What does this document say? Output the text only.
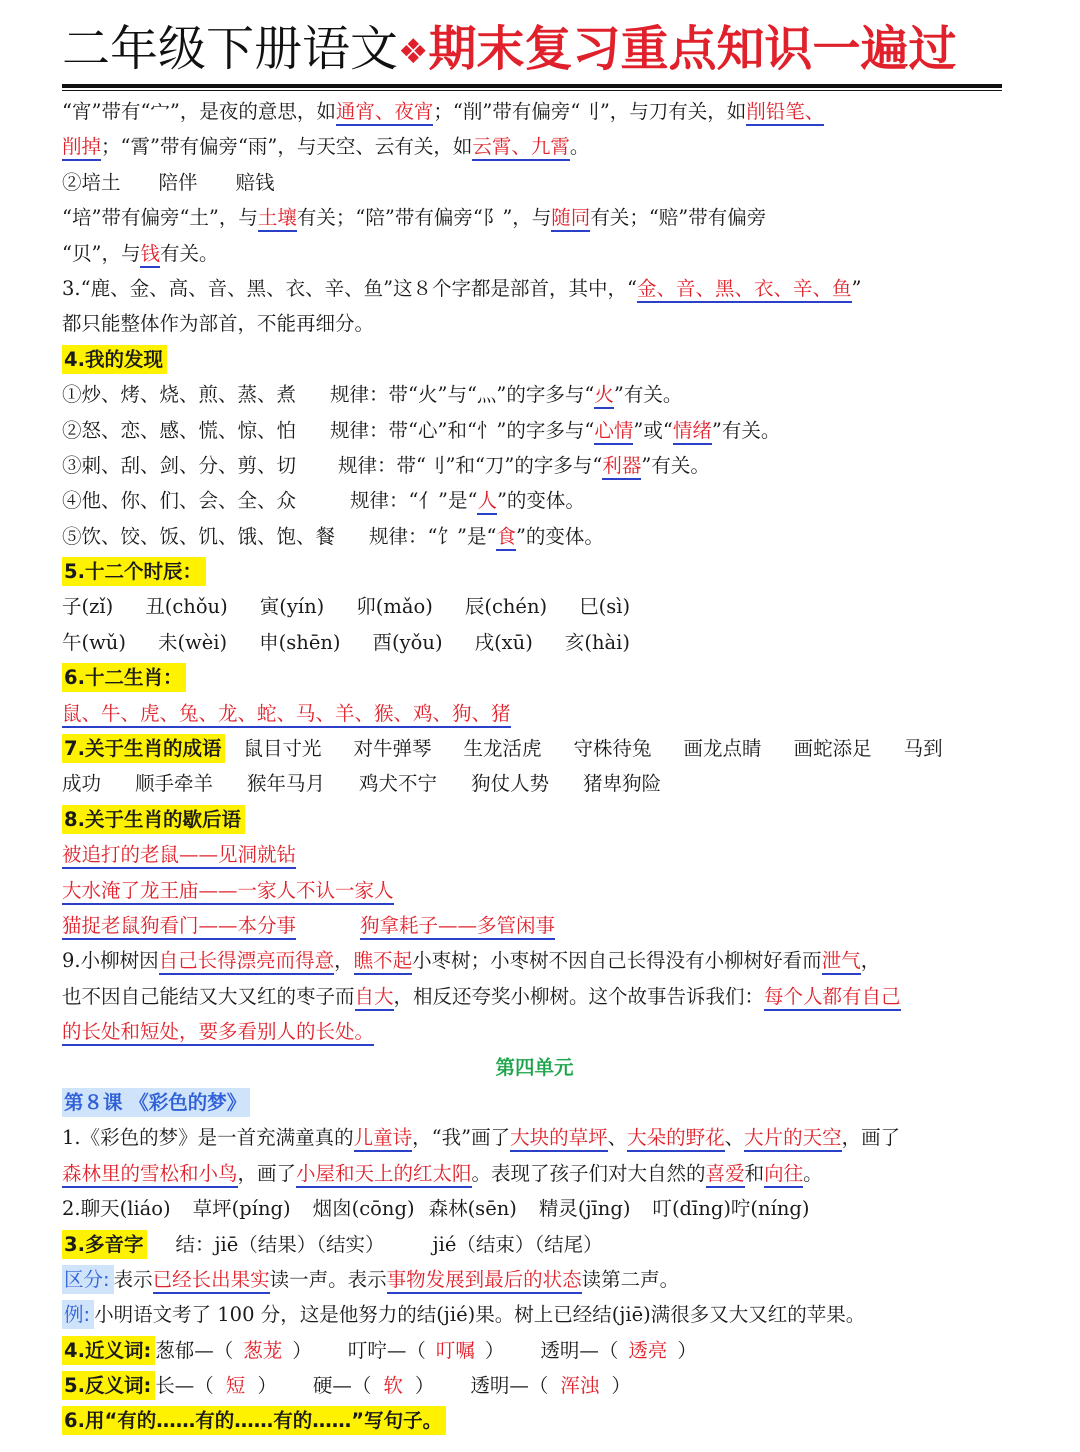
二年级下册语文❖期末复习重点知识一遍过
“宵”带有“宀”，是夜的意思，如通宵、夜宵；“削”带有偏旁“刂”，与刀有关，如削铅笔、
削掉；“霄”带有偏旁“雨”，与天空、云有关，如云霄、九霄。
②培土 陪伴 赔钱
“培”带有偏旁“土”，与土壤有关；“陪”带有偏旁“阝”，与随同有关；“赔”带有偏旁
“贝”，与钱有关。
3.“鹿、金、高、音、黑、衣、辛、鱼”这８个字都是部首，其中，“金、音、黑、衣、辛、鱼”
都只能整体作为部首，不能再细分。
4.我的发现
①炒、烤、烧、煎、蒸、煮 规律：带“火”与“灬”的字多与“火”有关。
②怒、恋、感、慌、惊、怕 规律：带“心”和“忄”的字多与“心情”或“情绪”有关。
③刺、刮、剑、分、剪、切 规律：带“刂”和“刀”的字多与“利器”有关。
④他、你、们、会、全、众	规律：“亻”是“人”的变体。
⑤饮、饺、饭、饥、饿、饱、餐 规律：“饣”是“食”的变体。
5.十二个时辰：
子(zǐ) 丑(chǒu) 寅(yín) 卯(mǎo) 辰(chén) 巳(sì)
午(wǔ) 未(wèi) 申(shēn) 酉(yǒu) 戌(xū) 亥(hài)
6.十二生肖：
鼠、牛、虎、兔、龙、蛇、马、羊、猴、鸡、狗、猪
7.关于生肖的成语 鼠目寸光 对牛弹琴 生龙活虎 守株待兔 画龙点睛 画蛇添足 马到
成功 顺手牵羊 猴年马月 鸡犬不宁 狗仗人势 猪卑狗险
8.关于生肖的歇后语
被追打的老鼠——见洞就钻
大水淹了龙王庙——一家人不认一家人
猫捉老鼠狗看门——本分事	狗拿耗子——多管闲事
9.小柳树因自己长得漂亮而得意，瞧不起小枣树；小枣树不因自己长得没有小柳树好看而泄气，
也不因自己能结又大又红的枣子而自大，相反还夸奖小柳树。这个故事告诉我们：每个人都有自己
的长处和短处，要多看别人的长处。
第四单元
第８课 《彩色的梦》
1.《彩色的梦》是一首充满童真的儿童诗，“我”画了大块的草坪、大朵的野花、大片的天空，画了
森林里的雪松和小鸟，画了小屋和天上的红太阳。表现了孩子们对大自然的喜爱和向往。
2.聊天(liáo) 草坪(píng) 烟囱(cōng) 森林(sēn) 精灵(jīng) 叮(dīng)咛(níng)
3.多音字 结：jiē（结果）（结实） jié（结束）（结尾）
区分: 表示已经长出果实读一声。表示事物发展到最后的状态读第二声。
例: 小明语文考了 100 分，这是他努力的结(jié)果。树上已经结(jiē)满很多又大又红的苹果。
4.近义词: 葱郁—（ 葱茏 ） 叮咛—（ 叮嘱 ） 透明—（ 透亮 ）
5.反义词: 长—（ 短 ） 硬—（ 软 ） 透明—（ 浑浊 ）
6.用“有的……有的……有的……”写句子。
